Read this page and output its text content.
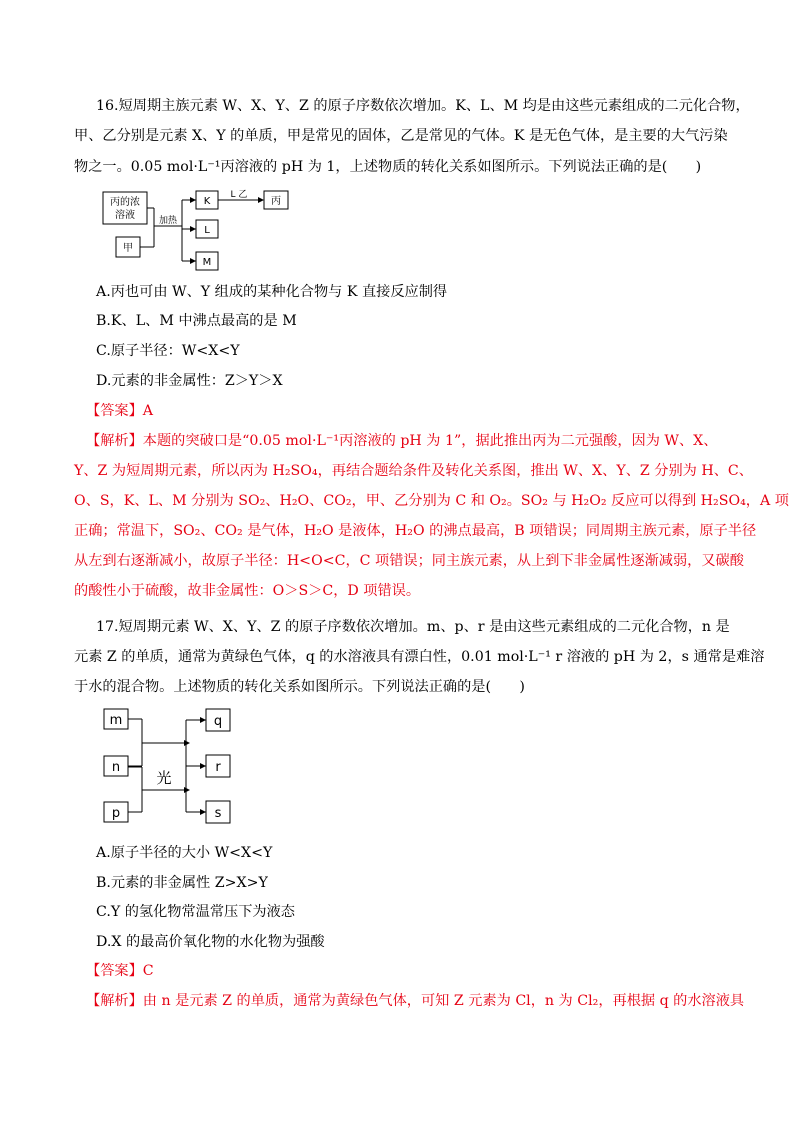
16.短周期主族元素 W、X、Y、Z 的原子序数依次增加。K、L、M 均是由这些元素组成的二元化合物，
甲、乙分别是元素 X、Y 的单质，甲是常见的固体，乙是常见的气体。K 是无色气体，是主要的大气污染
物之一。0.05 mol·L⁻¹丙溶液的 pH 为 1，上述物质的转化关系如图所示。下列说法正确的是(　　)
丙的浓
溶液
甲
加热
K
L
M
L 乙
丙
A.丙也可由 W、Y 组成的某种化合物与 K 直接反应制得
B.K、L、M 中沸点最高的是 M
C.原子半径：W<X<Y
D.元素的非金属性：Z＞Y＞X
【答案】A
【解析】本题的突破口是“0.05 mol·L⁻¹丙溶液的 pH 为 1”，据此推出丙为二元强酸，因为 W、X、
Y、Z 为短周期元素，所以丙为 H₂SO₄，再结合题给条件及转化关系图，推出 W、X、Y、Z 分别为 H、C、
O、S，K、L、M 分别为 SO₂、H₂O、CO₂，甲、乙分别为 C 和 O₂。SO₂ 与 H₂O₂ 反应可以得到 H₂SO₄，A 项
正确；常温下，SO₂、CO₂ 是气体，H₂O 是液体，H₂O 的沸点最高，B 项错误；同周期主族元素，原子半径
从左到右逐渐减小，故原子半径：H<O<C，C 项错误；同主族元素，从上到下非金属性逐渐减弱，又碳酸
的酸性小于硫酸，故非金属性：O＞S＞C，D 项错误。
17.短周期元素 W、X、Y、Z 的原子序数依次增加。m、p、r 是由这些元素组成的二元化合物，n 是
元素 Z 的单质，通常为黄绿色气体，q 的水溶液具有漂白性，0.01 mol·L⁻¹ r 溶液的 pH 为 2，s 通常是难溶
于水的混合物。上述物质的转化关系如图所示。下列说法正确的是(　　)
m
n
p
光
q
r
s
A.原子半径的大小 W<X<Y
B.元素的非金属性 Z>X>Y
C.Y 的氢化物常温常压下为液态
D.X 的最高价氧化物的水化物为强酸
【答案】C
【解析】由 n 是元素 Z 的单质，通常为黄绿色气体，可知 Z 元素为 Cl，n 为 Cl₂，再根据 q 的水溶液具
